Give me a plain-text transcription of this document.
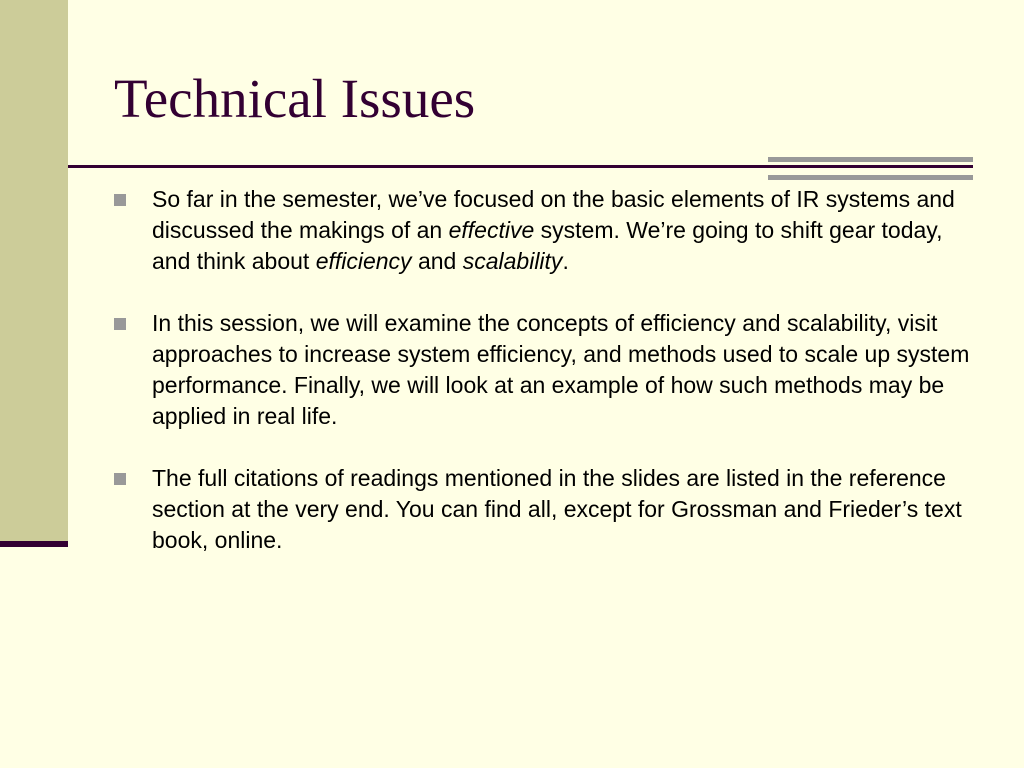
Technical Issues
So far in the semester, we’ve focused on the basic elements of IR systems and discussed the makings of an effective system. We’re going to shift gear today, and think about efficiency and scalability.
In this session, we will examine the concepts of efficiency and scalability, visit approaches to increase system efficiency, and methods used to scale up system performance. Finally, we will look at an example of how such methods may be applied in real life.
The full citations of readings mentioned in the slides are listed in the reference section at the very end. You can find all, except for Grossman and Frieder’s text book, online.
